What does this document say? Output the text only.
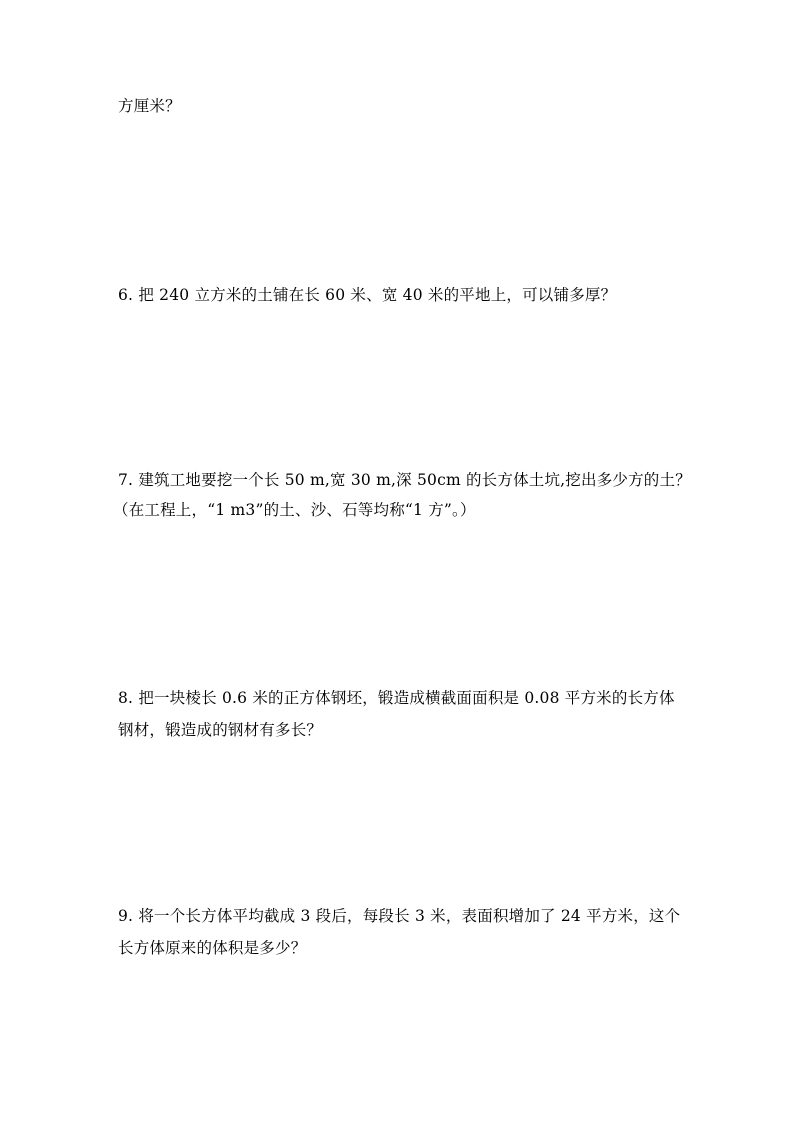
方厘米？
6. 把 240 立方米的土铺在长 60 米、宽 40 米的平地上，可以铺多厚？
7. 建筑工地要挖一个长 50 m,宽 30 m,深 50cm 的长方体土坑,挖出多少方的土？
（在工程上，“1 m3”的土、沙、石等均称“1 方”。）
8. 把一块棱长 0.6 米的正方体钢坯，锻造成横截面面积是 0.08 平方米的长方体
钢材，锻造成的钢材有多长？
9. 将一个长方体平均截成 3 段后，每段长 3 米，表面积增加了 24 平方米，这个
长方体原来的体积是多少？
